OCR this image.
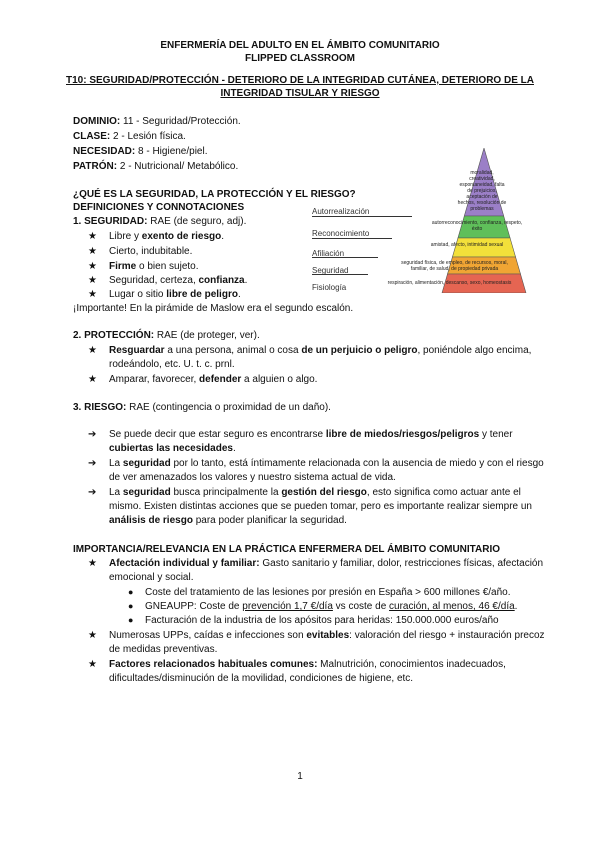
ENFERMERÍA DEL ADULTO EN EL ÁMBITO COMUNITARIO
FLIPPED CLASSROOM
T10: SEGURIDAD/PROTECCIÓN - DETERIORO DE LA INTEGRIDAD CUTÁNEA, DETERIORO DE LA
INTEGRIDAD TISULAR Y RIESGO
DOMINIO: 11 - Seguridad/Protección.
CLASE: 2 - Lesión física.
NECESIDAD: 8 - Higiene/piel.
PATRÓN: 2 - Nutricional/ Metabólico.
¿QUÉ ES LA SEGURIDAD, LA PROTECCIÓN Y EL RIESGO?
DEFINICIONES Y CONNOTACIONES
1. SEGURIDAD: RAE (de seguro, adj).
★ Libre y exento de riesgo.
★ Cierto, indubitable.
★ Firme o bien sujeto.
★ Seguridad, certeza, confianza.
★ Lugar o sitio libre de peligro.
¡Importante! En la pirámide de Maslow era el segundo escalón.
Autorrealización
Reconocimiento
Afiliación
Seguridad
Fisiología
moralidad, creatividad, espontaneidad, falta de prejuicios, aceptación de hechos, resolución de problemas
autorreconocimiento, confianza, respeto, éxito
amistad, afecto, intimidad sexual
seguridad física, de empleo, de recursos, moral, familiar, de salud, de propiedad privada
respiración, alimentación, descanso, sexo, homeostasis
2. PROTECCIÓN: RAE (de proteger, ver).
★ Resguardar a una persona, animal o cosa de un perjuicio o peligro, poniéndole algo encima,
rodeándolo, etc. U. t. c. prnl.
★ Amparar, favorecer, defender a alguien o algo.
3. RIESGO: RAE (contingencia o proximidad de un daño).
➔ Se puede decir que estar seguro es encontrarse libre de miedos/riesgos/peligros y tener
cubiertas las necesidades.
➔ La seguridad por lo tanto, está íntimamente relacionada con la ausencia de miedo y con el riesgo
de ver amenazados los valores y nuestro sistema actual de vida.
➔ La seguridad busca principalmente la gestión del riesgo, esto significa como actuar ante el
mismo. Existen distintas acciones que se pueden tomar, pero es importante realizar siempre un
análisis de riesgo para poder planificar la seguridad.
IMPORTANCIA/RELEVANCIA EN LA PRÁCTICA ENFERMERA DEL ÁMBITO COMUNITARIO
★ Afectación individual y familiar: Gasto sanitario y familiar, dolor, restricciones físicas, afectación
emocional y social.
● Coste del tratamiento de las lesiones por presión en España > 600 millones €/año.
● GNEAUPP: Coste de prevención 1,7 €/día vs coste de curación, al menos, 46 €/día.
● Facturación de la industria de los apósitos para heridas: 150.000.000 euros/año
★ Numerosas UPPs, caídas e infecciones son evitables: valoración del riesgo + instauración precoz
de medidas preventivas.
★ Factores relacionados habituales comunes: Malnutrición, conocimientos inadecuados,
dificultades/disminución de la movilidad, condiciones de higiene, etc.
1
